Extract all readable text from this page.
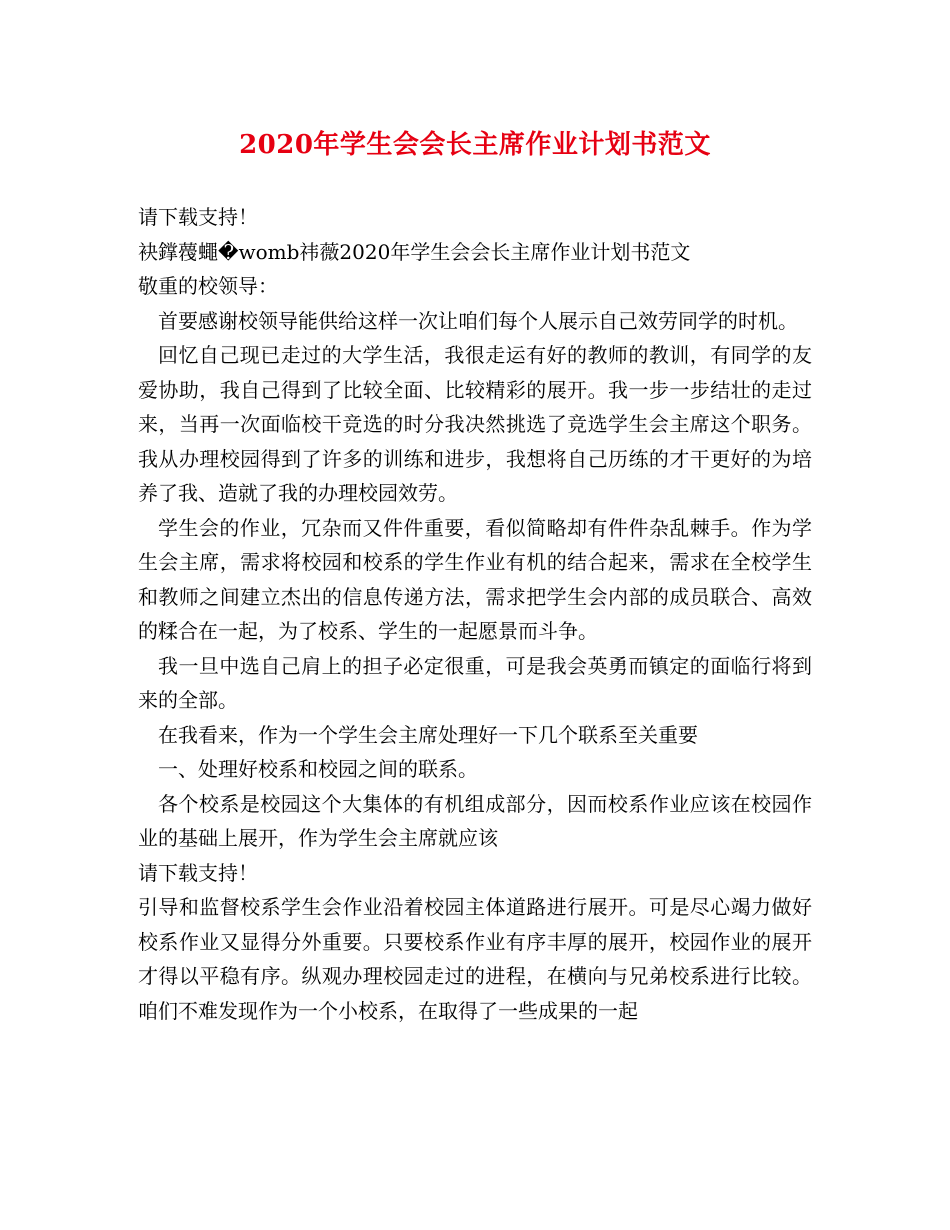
2020年学生会会长主席作业计划书范文

请下载支持！

袂鐣薎蠅�womb祎薇2020年学生会会长主席作业计划书范文

敬重的校领导：

首要感谢校领导能供给这样一次让咱们每个人展示自己效劳同学的时机。

回忆自己现已走过的大学生活，我很走运有好的教师的教训，有同学的友爱协助，我自己得到了比较全面、比较精彩的展开。我一步一步结壮的走过来，当再一次面临校干竞选的时分我决然挑选了竞选学生会主席这个职务。我从办理校园得到了许多的训练和进步，我想将自己历练的才干更好的为培养了我、造就了我的办理校园效劳。

学生会的作业，冗杂而又件件重要，看似简略却有件件杂乱棘手。作为学生会主席，需求将校园和校系的学生作业有机的结合起来，需求在全校学生 和教师之间建立杰出的信息传递方法，需求把学生会内部的成员联合、高效的糅合在一起，为了校系、学生的一起愿景而斗争。

我一旦中选自己肩上的担子必定很重，可是我会英勇而镇定的面临行将到来的全部。

在我看来，作为一个学生会主席处理好一下几个联系至关重要

一、处理好校系和校园之间的联系。

各个校系是校园这个大集体的有机组成部分，因而校系作业应该在校园作业的基础上展开，作为学生会主席就应该

请下载支持！

引导和监督校系学生会作业沿着校园主体道路进行展开。可是尽心竭力做好校系作业又显得分外重要。只要校系作业有序丰厚的展开，校园作业的展开才得以平稳有序。纵观办理校园走过的进程，在横向与兄弟校系进行比较。咱们不难发现作为一个小校系，在取得了一些成果的一起
